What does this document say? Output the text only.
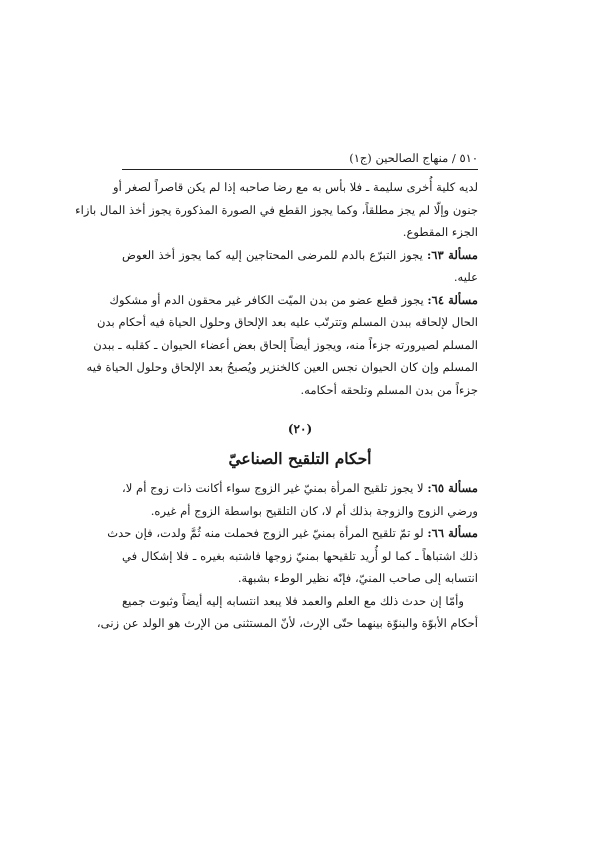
٥١٠ / منهاج الصالحين (ج١)
لديه كلية أُخرى سليمة ـ فلا بأس به مع رضا صاحبه إذا لم يكن قاصراً لصغر أو
جنون وإلّا لم يجز مطلقاً، وكما يجوز القطع في الصورة المذكورة يجوز أخذ المال بازاء
الجزء المقطوع.
مسألة ٦٣: يجوز التبرّع بالدم للمرضى المحتاجين إليه كما يجوز أخذ العوض
عليه.
مسألة ٦٤: يجوز قطع عضو من بدن الميّت الكافر غير محقون الدم أو مشكوك
الحال لإلحاقه ببدن المسلم وتترتّب عليه بعد الإلحاق وحلول الحياة فيه أحكام بدن
المسلم لصيرورته جزءاً منه، ويجوز أيضاً إلحاق بعض أعضاء الحيوان ـ كقلبه ـ ببدن
المسلم وإن كان الحيوان نجس العين كالخنزير ويُصبحُ بعد الإلحاق وحلول الحياة فيه
جزءاً من بدن المسلم وتلحقه أحكامه.
(٢٠)
أحكام التلقيح الصناعيّ
مسألة ٦٥: لا يجوز تلقيح المرأة بمنيّ غير الزوج سواء أكانت ذات زوج أم لا،
ورضي الزوج والزوجة بذلك أم لا، كان التلقيح بواسطة الزوج أم غيره.
مسألة ٦٦: لو تمّ تلقيح المرأة بمنيّ غير الزوج فحملت منه ثُمَّ ولدت، فإن حدث
ذلك اشتباهاً ـ كما لو أُريد تلقيحها بمنيّ زوجها فاشتبه بغيره ـ فلا إشكال في
انتسابه إلى صاحب المنيّ، فإنّه نظير الوطء بشبهة.
وأمّا إن حدث ذلك مع العلم والعمد فلا يبعد انتسابه إليه أيضاً وثبوت جميع
أحكام الأبوّة والبنوّة بينهما حتّى الإرث، لأنّ المستثنى من الإرث هو الولد عن زنى،
